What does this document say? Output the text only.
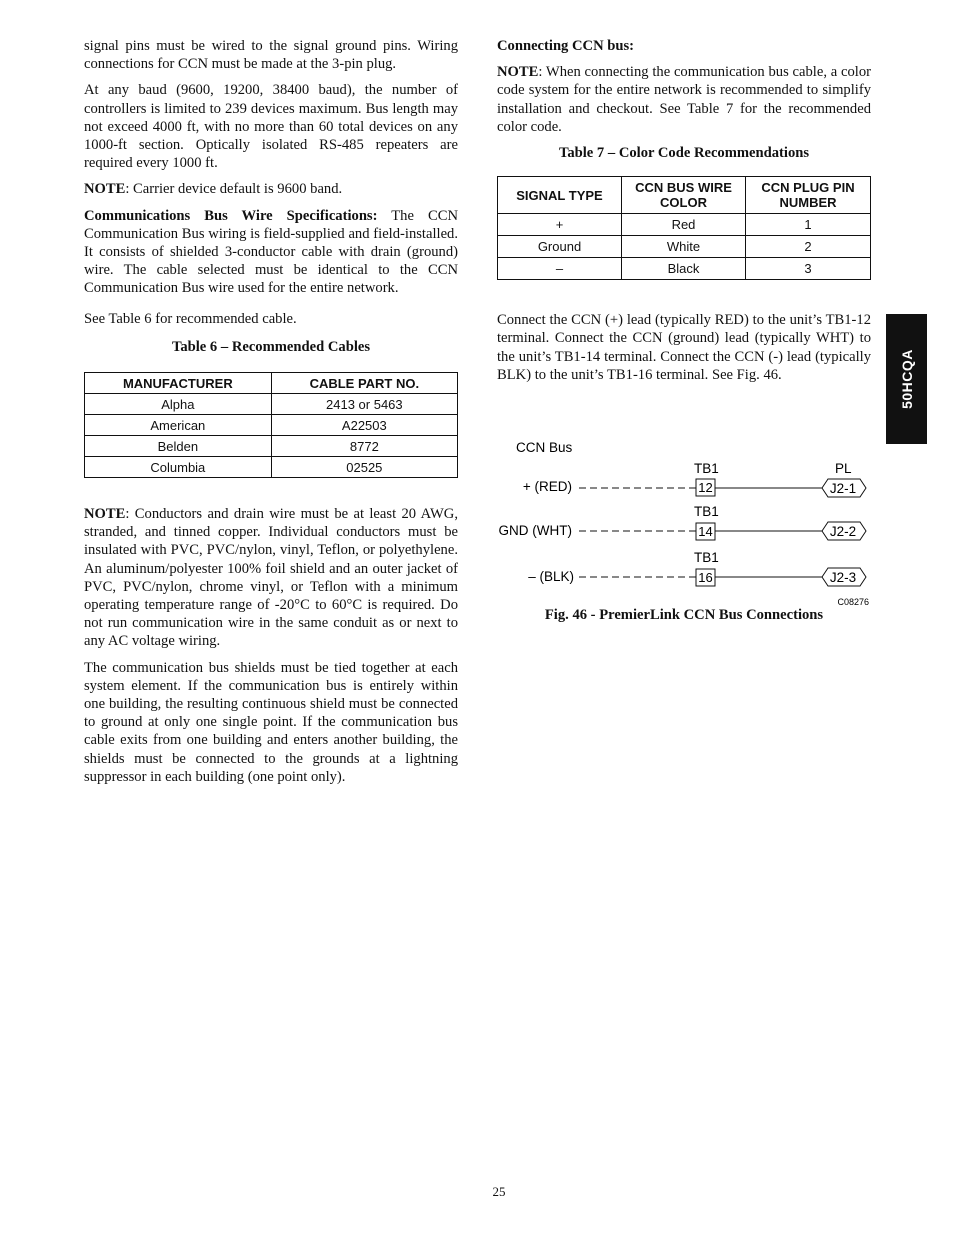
signal pins must be wired to the signal ground pins. Wiring connections for CCN must be made at the 3-pin plug.

At any baud (9600, 19200, 38400 baud), the number of controllers is limited to 239 devices maximum. Bus length may not exceed 4000 ft, with no more than 60 total devices on any 1000-ft section. Optically isolated RS-485 repeaters are required every 1000 ft.

NOTE: Carrier device default is 9600 band.

Communications Bus Wire Specifications: The CCN Communication Bus wiring is field-supplied and field-installed. It consists of shielded 3-conductor cable with drain (ground) wire. The cable selected must be identical to the CCN Communication Bus wire used for the entire network.

See Table 6 for recommended cable.

Table 6 – Recommended Cables
MANUFACTURER	CABLE PART NO.
Alpha	2413 or 5463
American	A22503
Belden	8772
Columbia	02525

NOTE: Conductors and drain wire must be at least 20 AWG, stranded, and tinned copper. Individual conductors must be insulated with PVC, PVC/nylon, vinyl, Teflon, or polyethylene. An aluminum/polyester 100% foil shield and an outer jacket of PVC, PVC/nylon, chrome vinyl, or Teflon with a minimum operating temperature range of -20°C to 60°C is required. Do not run communication wire in the same conduit as or next to any AC voltage wiring.

The communication bus shields must be tied together at each system element. If the communication bus is entirely within one building, the resulting continuous shield must be connected to ground at only one single point. If the communication bus cable exits from one building and enters another building, the shields must be connected to the grounds at a lightning suppressor in each building (one point only).

Connecting CCN bus:

NOTE: When connecting the communication bus cable, a color code system for the entire network is recommended to simplify installation and checkout. See Table 7 for the recommended color code.

Table 7 – Color Code Recommendations
SIGNAL TYPE	CCN BUS WIRE COLOR	CCN PLUG PIN NUMBER
+	Red	1
Ground	White	2
–	Black	3

Connect the CCN (+) lead (typically RED) to the unit’s TB1-12 terminal. Connect the CCN (ground) lead (typically WHT) to the unit’s TB1-14 terminal. Connect the CCN (-) lead (typically BLK) to the unit’s TB1-16 terminal. See Fig. 46.

CCN Bus
TB1	PL
+ (RED)	12	J2-1
TB1
GND (WHT)	14	J2-2
TB1
– (BLK)	16	J2-3
C08276
Fig. 46 - PremierLink CCN Bus Connections
50HCQA
25
